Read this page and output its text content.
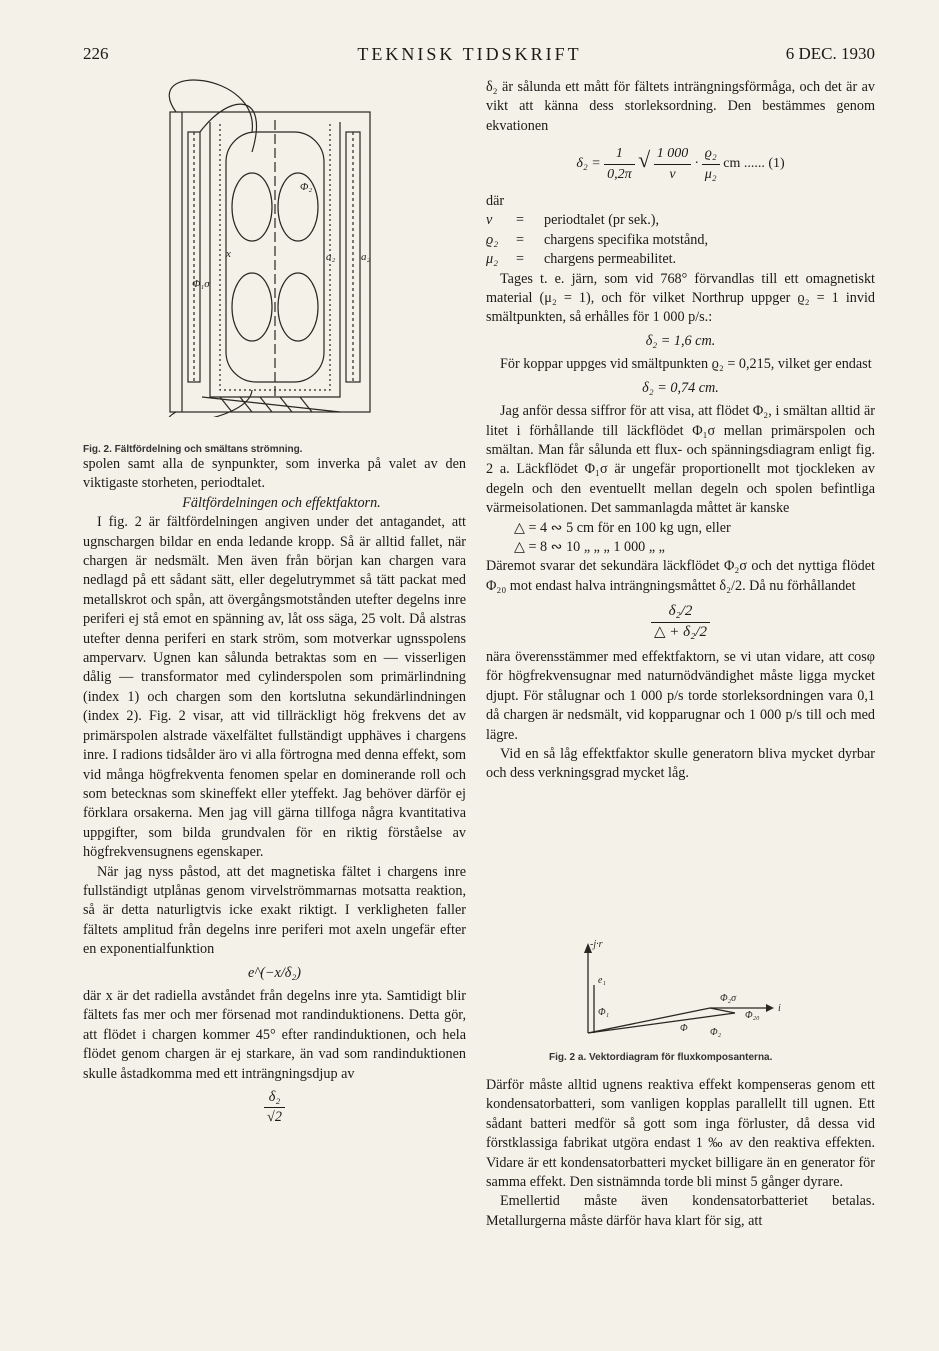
226	TEKNISK TIDSKRIFT	6 DEC. 1930
Φ₂
x	a₂ a₂
Φ₁σ
Fig. 2. Fältfördelning och smältans strömning.

spolen samt alla de synpunkter, som inverka på valet av den viktigaste storheten, periodtalet.

Fältfördelningen och effektfaktorn.

I fig. 2 är fältfördelningen angiven under det antagandet, att ugnschargen bildar en enda ledande kropp. Så är alltid fallet, när chargen är nedsmält. Men även från början kan chargen vara nedlagd på ett sådant sätt, eller degelutrymmet så tätt packat med metallskrot och spån, att övergångsmotstånden utefter degelns inre periferi ej stå emot en spänning av, låt oss säga, 25 volt. Då alstras utefter denna periferi en stark ström, som motverkar ugnsspolens ampervarv. Ugnen kan sålunda betraktas som en — visserligen dålig — transformator med cylinderspolen som primärlindning (index 1) och chargen som den kortslutna sekundärlindningen (index 2). Fig. 2 visar, att vid tillräckligt hög frekvens det av primärspolen alstrade växelfältet fullständigt upphäves i chargens inre. I radions tidsålder äro vi alla förtrogna med denna effekt, som vid många högfrekventa fenomen spelar en dominerande roll och som betecknas som skineffekt eller yteffekt. Jag behöver därför ej förklara orsakerna. Men jag vill gärna tillfoga några kvantitativa uppgifter, som bilda grundvalen för en riktig förståelse av högfrekvensugnens egenskaper.

När jag nyss påstod, att det magnetiska fältet i chargens inre fullständigt utplånas genom virvelströmmarnas motsatta reaktion, så är detta naturligtvis icke exakt riktigt. I verkligheten faller fältets amplitud från degelns inre periferi mot axeln ungefär efter en exponentialfunktion

e^(−x/δ₂)

där x är det radiella avståndet från degelns inre yta. Samtidigt blir fältets fas mer och mer försenad mot randinduktionens. Detta gör, att flödet i chargen kommer 45° efter randinduktionen, och hela flödet genom chargen är ej starkare, än vad som randinduktionen skulle åstadkomma med ett inträngningsdjup av

$\frac{\text{δ₂}}{√2}$

δ₂ är sålunda ett mått för fältets inträngningsförmåga, och det är av vikt att känna dess storleksordning. Den bestämmes genom ekvationen

$\delta_2 = \frac{1}{0,2\pi}$ √ $\frac{1 000}{\nu} \cdot \frac{\text{ϱ₂}}{\text{μ₂}}$ cm ...... (1)

där

ν	=	periodtalet (pr sek.),
ϱ₂	=	chargens specifika motstånd,
μ₂	=	chargens permeabilitet.

Tages t. e. järn, som vid 768° förvandlas till ett omagnetiskt material (μ₂ = 1), och för vilket Northrup uppger ϱ₂ = 1 invid smältpunkten, så erhålles för 1 000 p/s.:

δ₂ = 1,6 cm.

För koppar uppges vid smältpunkten ϱ₂ = 0,215, vilket ger endast

δ₂ = 0,74 cm.

Jag anför dessa siffror för att visa, att flödet Φ₂, i smältan alltid är litet i förhållande till läckflödet Φ₁σ mellan primärspolen och smältan. Man får sålunda ett flux- och spänningsdiagram enligt fig. 2 a. Läckflödet Φ₁σ är ungefär proportionellt mot tjockleken av degeln och den eventuellt mellan degeln och spolen befintliga värmeisolationen. Det sammanlagda måttet är kanske

△ = 4 ∾ 5 cm för en 100 kg ugn, eller

△ = 8 ∾ 10 „ „ „ 1 000 „ „

Däremot svarar det sekundära läckflödet Φ₂σ och det nyttiga flödet Φ₂₀ mot endast halva inträngningsmåttet δ₂/2. Då nu förhållandet

$\frac{\text{δ₂/2}}{\text{△ + δ₂/2}}$

nära överensstämmer med effektfaktorn, se vi utan vidare, att cosφ för högfrekvensugnar med naturnödvändighet måste ligga mycket djupt. För stålugnar och 1 000 p/s torde storleksordningen vara 0,1 då chargen är nedsmält, vid kopparugnar och 1 000 p/s till och med lägre.

Vid en så låg effektfaktor skulle generatorn bliva mycket dyrbar och dess verkningsgrad mycket låg.

-j·r
e₁
Φ₂σ
Φ₂₀
i
Φ Φ₂
Φ₁
Fig. 2 a. Vektordiagram för fluxkomposanterna.

Därför måste alltid ugnens reaktiva effekt kompenseras genom ett kondensatorbatteri, som vanligen kopplas parallellt till ugnen. Ett sådant batteri medför så gott som inga förluster, då dessa vid förstklassiga fabrikat utgöra endast 1 ‰ av den reaktiva effekten. Vidare är ett kondensatorbatteri mycket billigare än en generator för samma effekt. Den sistnämnda torde bli minst 5 gånger dyrare.

Emellertid måste även kondensatorbatteriet betalas. Metallurgerna måste därför hava klart för sig, att
